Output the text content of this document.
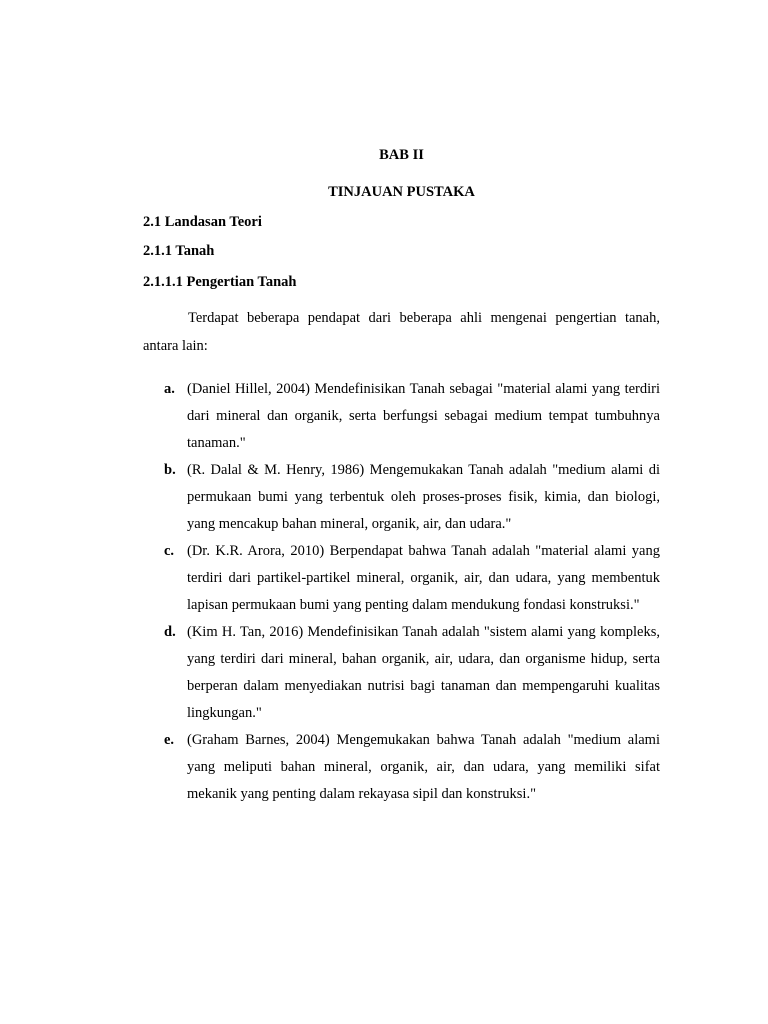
BAB II
TINJAUAN PUSTAKA
2.1 Landasan Teori
2.1.1 Tanah
2.1.1.1 Pengertian Tanah

Terdapat beberapa pendapat dari beberapa ahli mengenai pengertian tanah, antara lain:

a. (Daniel Hillel, 2004) Mendefinisikan Tanah sebagai "material alami yang terdiri dari mineral dan organik, serta berfungsi sebagai medium tempat tumbuhnya tanaman."
b. (R. Dalal & M. Henry, 1986) Mengemukakan Tanah adalah "medium alami di permukaan bumi yang terbentuk oleh proses-proses fisik, kimia, dan biologi, yang mencakup bahan mineral, organik, air, dan udara."
c. (Dr. K.R. Arora, 2010) Berpendapat bahwa Tanah adalah "material alami yang terdiri dari partikel-partikel mineral, organik, air, dan udara, yang membentuk lapisan permukaan bumi yang penting dalam mendukung fondasi konstruksi."
d. (Kim H. Tan, 2016) Mendefinisikan Tanah adalah "sistem alami yang kompleks, yang terdiri dari mineral, bahan organik, air, udara, dan organisme hidup, serta berperan dalam menyediakan nutrisi bagi tanaman dan mempengaruhi kualitas lingkungan."
e. (Graham Barnes, 2004) Mengemukakan bahwa Tanah adalah "medium alami yang meliputi bahan mineral, organik, air, dan udara, yang memiliki sifat mekanik yang penting dalam rekayasa sipil dan konstruksi."
